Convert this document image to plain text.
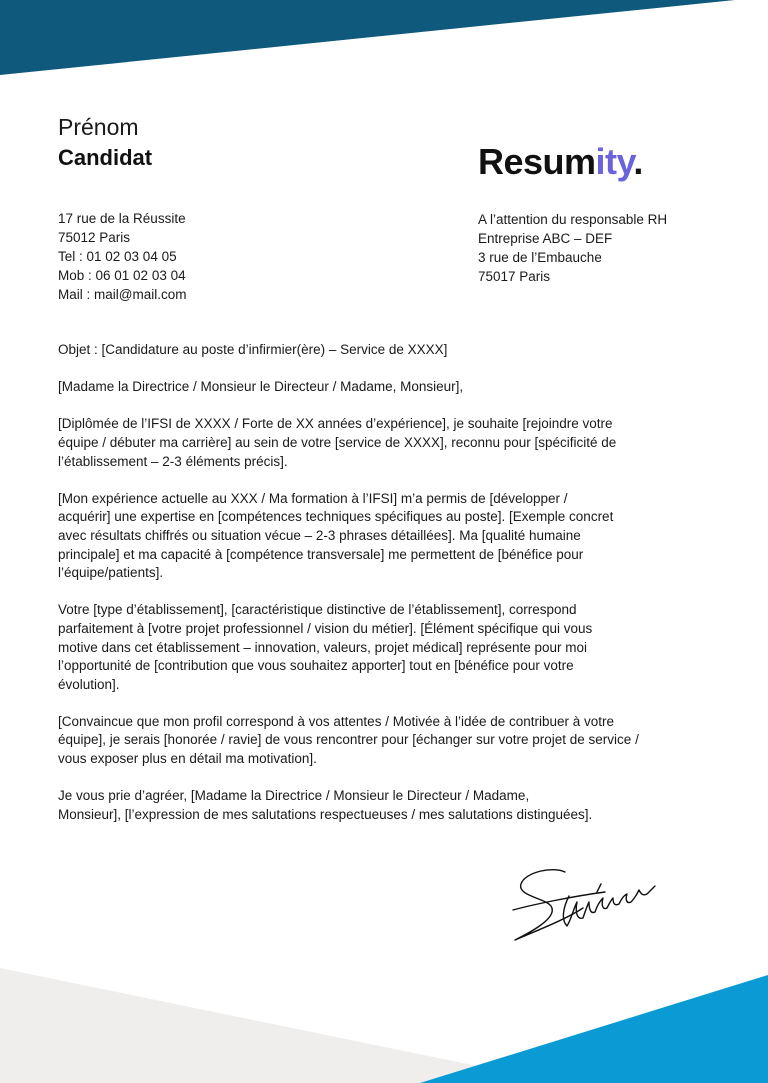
Prénom
Candidat	Resumity.
17 rue de la Réussite
75012 Paris
Tel : 01 02 03 04 05
Mob : 06 01 02 03 04
Mail : mail@mail.com
A l’attention du responsable RH
Entreprise ABC – DEF
3 rue de l’Embauche
75017 Paris

Objet : [Candidature au poste d’infirmier(ère) – Service de XXXX]

[Madame la Directrice / Monsieur le Directeur / Madame, Monsieur],

[Diplômée de l’IFSI de XXXX / Forte de XX années d’expérience], je souhaite [rejoindre votre
équipe / débuter ma carrière] au sein de votre [service de XXXX], reconnu pour [spécificité de
l’établissement – 2-3 éléments précis].

[Mon expérience actuelle au XXX / Ma formation à l’IFSI] m’a permis de [développer /
acquérir] une expertise en [compétences techniques spécifiques au poste]. [Exemple concret
avec résultats chiffrés ou situation vécue – 2-3 phrases détaillées]. Ma [qualité humaine
principale] et ma capacité à [compétence transversale] me permettent de [bénéfice pour
l’équipe/patients].

Votre [type d’établissement], [caractéristique distinctive de l’établissement], correspond
parfaitement à [votre projet professionnel / vision du métier]. [Élément spécifique qui vous
motive dans cet établissement – innovation, valeurs, projet médical] représente pour moi
l’opportunité de [contribution que vous souhaitez apporter] tout en [bénéfice pour votre
évolution].

[Convaincue que mon profil correspond à vos attentes / Motivée à l’idée de contribuer à votre
équipe], je serais [honorée / ravie] de vous rencontrer pour [échanger sur votre projet de service /
vous exposer plus en détail ma motivation].

Je vous prie d’agréer, [Madame la Directrice / Monsieur le Directeur / Madame,
Monsieur], [l’expression de mes salutations respectueuses / mes salutations distinguées].
